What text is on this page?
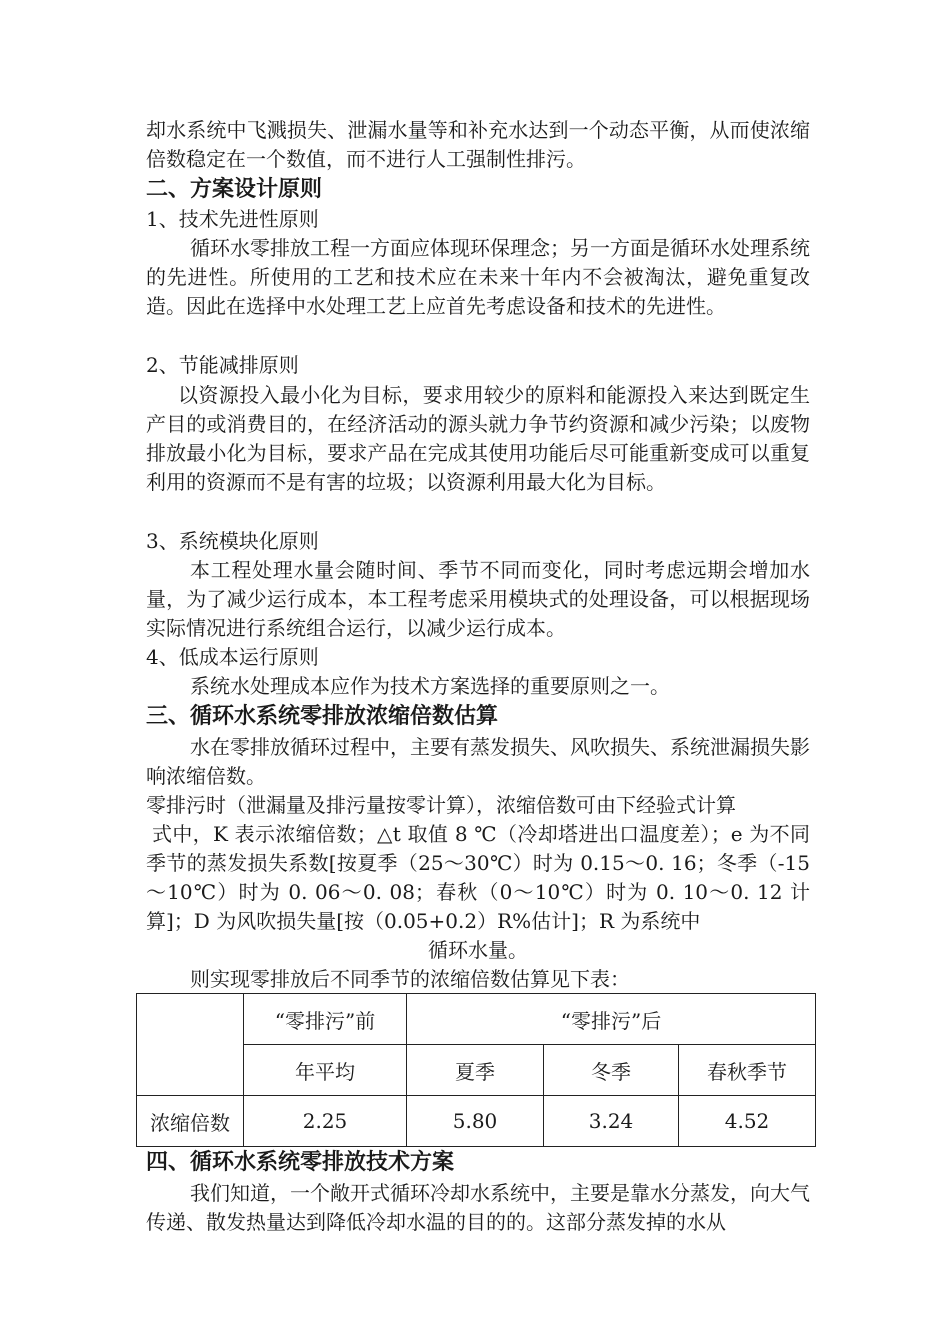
却水系统中飞溅损失、泄漏水量等和补充水达到一个动态平衡，从而使浓缩倍数稳定在一个数值，而不进行人工强制性排污。

二、方案设计原则

1、技术先进性原则

循环水零排放工程一方面应体现环保理念；另一方面是循环水处理系统的先进性。所使用的工艺和技术应在未来十年内不会被淘汰，避免重复改造。因此在选择中水处理工艺上应首先考虑设备和技术的先进性。

2、节能减排原则

以资源投入最小化为目标，要求用较少的原料和能源投入来达到既定生产目的或消费目的，在经济活动的源头就力争节约资源和减少污染；以废物排放最小化为目标，要求产品在完成其使用功能后尽可能重新变成可以重复利用的资源而不是有害的垃圾；以资源利用最大化为目标。

3、系统模块化原则

本工程处理水量会随时间、季节不同而变化，同时考虑远期会增加水量，为了减少运行成本，本工程考虑采用模块式的处理设备，可以根据现场实际情况进行系统组合运行，以减少运行成本。

4、低成本运行原则

系统水处理成本应作为技术方案选择的重要原则之一。

三、循环水系统零排放浓缩倍数估算

水在零排放循环过程中，主要有蒸发损失、风吹损失、系统泄漏损失影响浓缩倍数。

零排污时（泄漏量及排污量按零计算），浓缩倍数可由下经验式计算

式中，K 表示浓缩倍数；△t 取值 8 ℃（冷却塔进出口温度差）；e 为不同季节的蒸发损失系数[按夏季（25～30℃）时为 0.15～0. 16；冬季（-15～10℃）时为 0. 06～0. 08；春秋（0～10℃）时为 0. 10～0. 12 计算]；D 为风吹损失量[按（0.05+0.2）R%估计]；R 为系统中

循环水量。

则实现零排放后不同季节的浓缩倍数估算见下表：

	“零排污”前	“零排污”后		
	年平均	夏季	冬季	春秋季节
浓缩倍数	2.25	5.80	3.24	4.52
四、循环水系统零排放技术方案

我们知道，一个敞开式循环冷却水系统中，主要是靠水分蒸发，向大气传递、散发热量达到降低冷却水温的目的的。这部分蒸发掉的水从
